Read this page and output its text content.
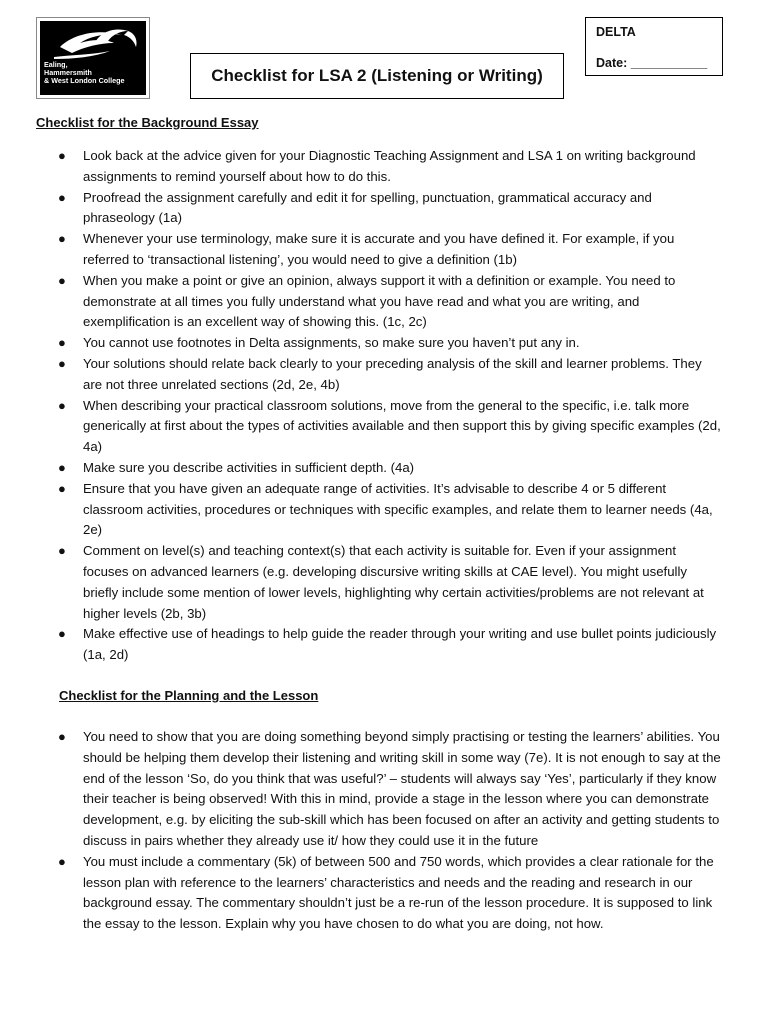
Ealing,
Hammersmith
& West London College	Checklist for LSA 2 (Listening or Writing)
DELTA
Date: ___________
Checklist for the Background Essay
● Look back at the advice given for your Diagnostic Teaching Assignment and LSA 1 on writing background assignments to remind yourself about how to do this.
● Proofread the assignment carefully and edit it for spelling, punctuation, grammatical accuracy and phraseology (1a)
● Whenever your use terminology, make sure it is accurate and you have defined it. For example, if you referred to ‘transactional listening’, you would need to give a definition (1b)
● When you make a point or give an opinion, always support it with a definition or example. You need to demonstrate at all times you fully understand what you have read and what you are writing, and exemplification is an excellent way of showing this. (1c, 2c)
● You cannot use footnotes in Delta assignments, so make sure you haven’t put any in.
● Your solutions should relate back clearly to your preceding analysis of the skill and learner problems. They are not three unrelated sections (2d, 2e, 4b)
● When describing your practical classroom solutions, move from the general to the specific, i.e. talk more generically at first about the types of activities available and then support this by giving specific examples (2d, 4a)
● Make sure you describe activities in sufficient depth. (4a)
● Ensure that you have given an adequate range of activities. It’s advisable to describe 4 or 5 different classroom activities, procedures or techniques with specific examples, and relate them to learner needs (4a, 2e)
● Comment on level(s) and teaching context(s) that each activity is suitable for. Even if your assignment focuses on advanced learners (e.g. developing discursive writing skills at CAE level). You might usefully briefly include some mention of lower levels, highlighting why certain activities/problems are not relevant at higher levels (2b, 3b)
● Make effective use of headings to help guide the reader through your writing and use bullet points judiciously (1a, 2d)
Checklist for the Planning and the Lesson
● You need to show that you are doing something beyond simply practising or testing the learners’ abilities. You should be helping them develop their listening and writing skill in some way (7e). It is not enough to say at the end of the lesson ‘So, do you think that was useful?’ – students will always say ‘Yes’, particularly if they know their teacher is being observed! With this in mind, provide a stage in the lesson where you can demonstrate development, e.g. by eliciting the sub-skill which has been focused on after an activity and getting students to discuss in pairs whether they already use it/ how they could use it in the future
● You must include a commentary (5k) of between 500 and 750 words, which provides a clear rationale for the lesson plan with reference to the learners’ characteristics and needs and the reading and research in our background essay. The commentary shouldn’t just be a re-run of the lesson procedure. It is supposed to link the essay to the lesson. Explain why you have chosen to do what you are doing, not how.
